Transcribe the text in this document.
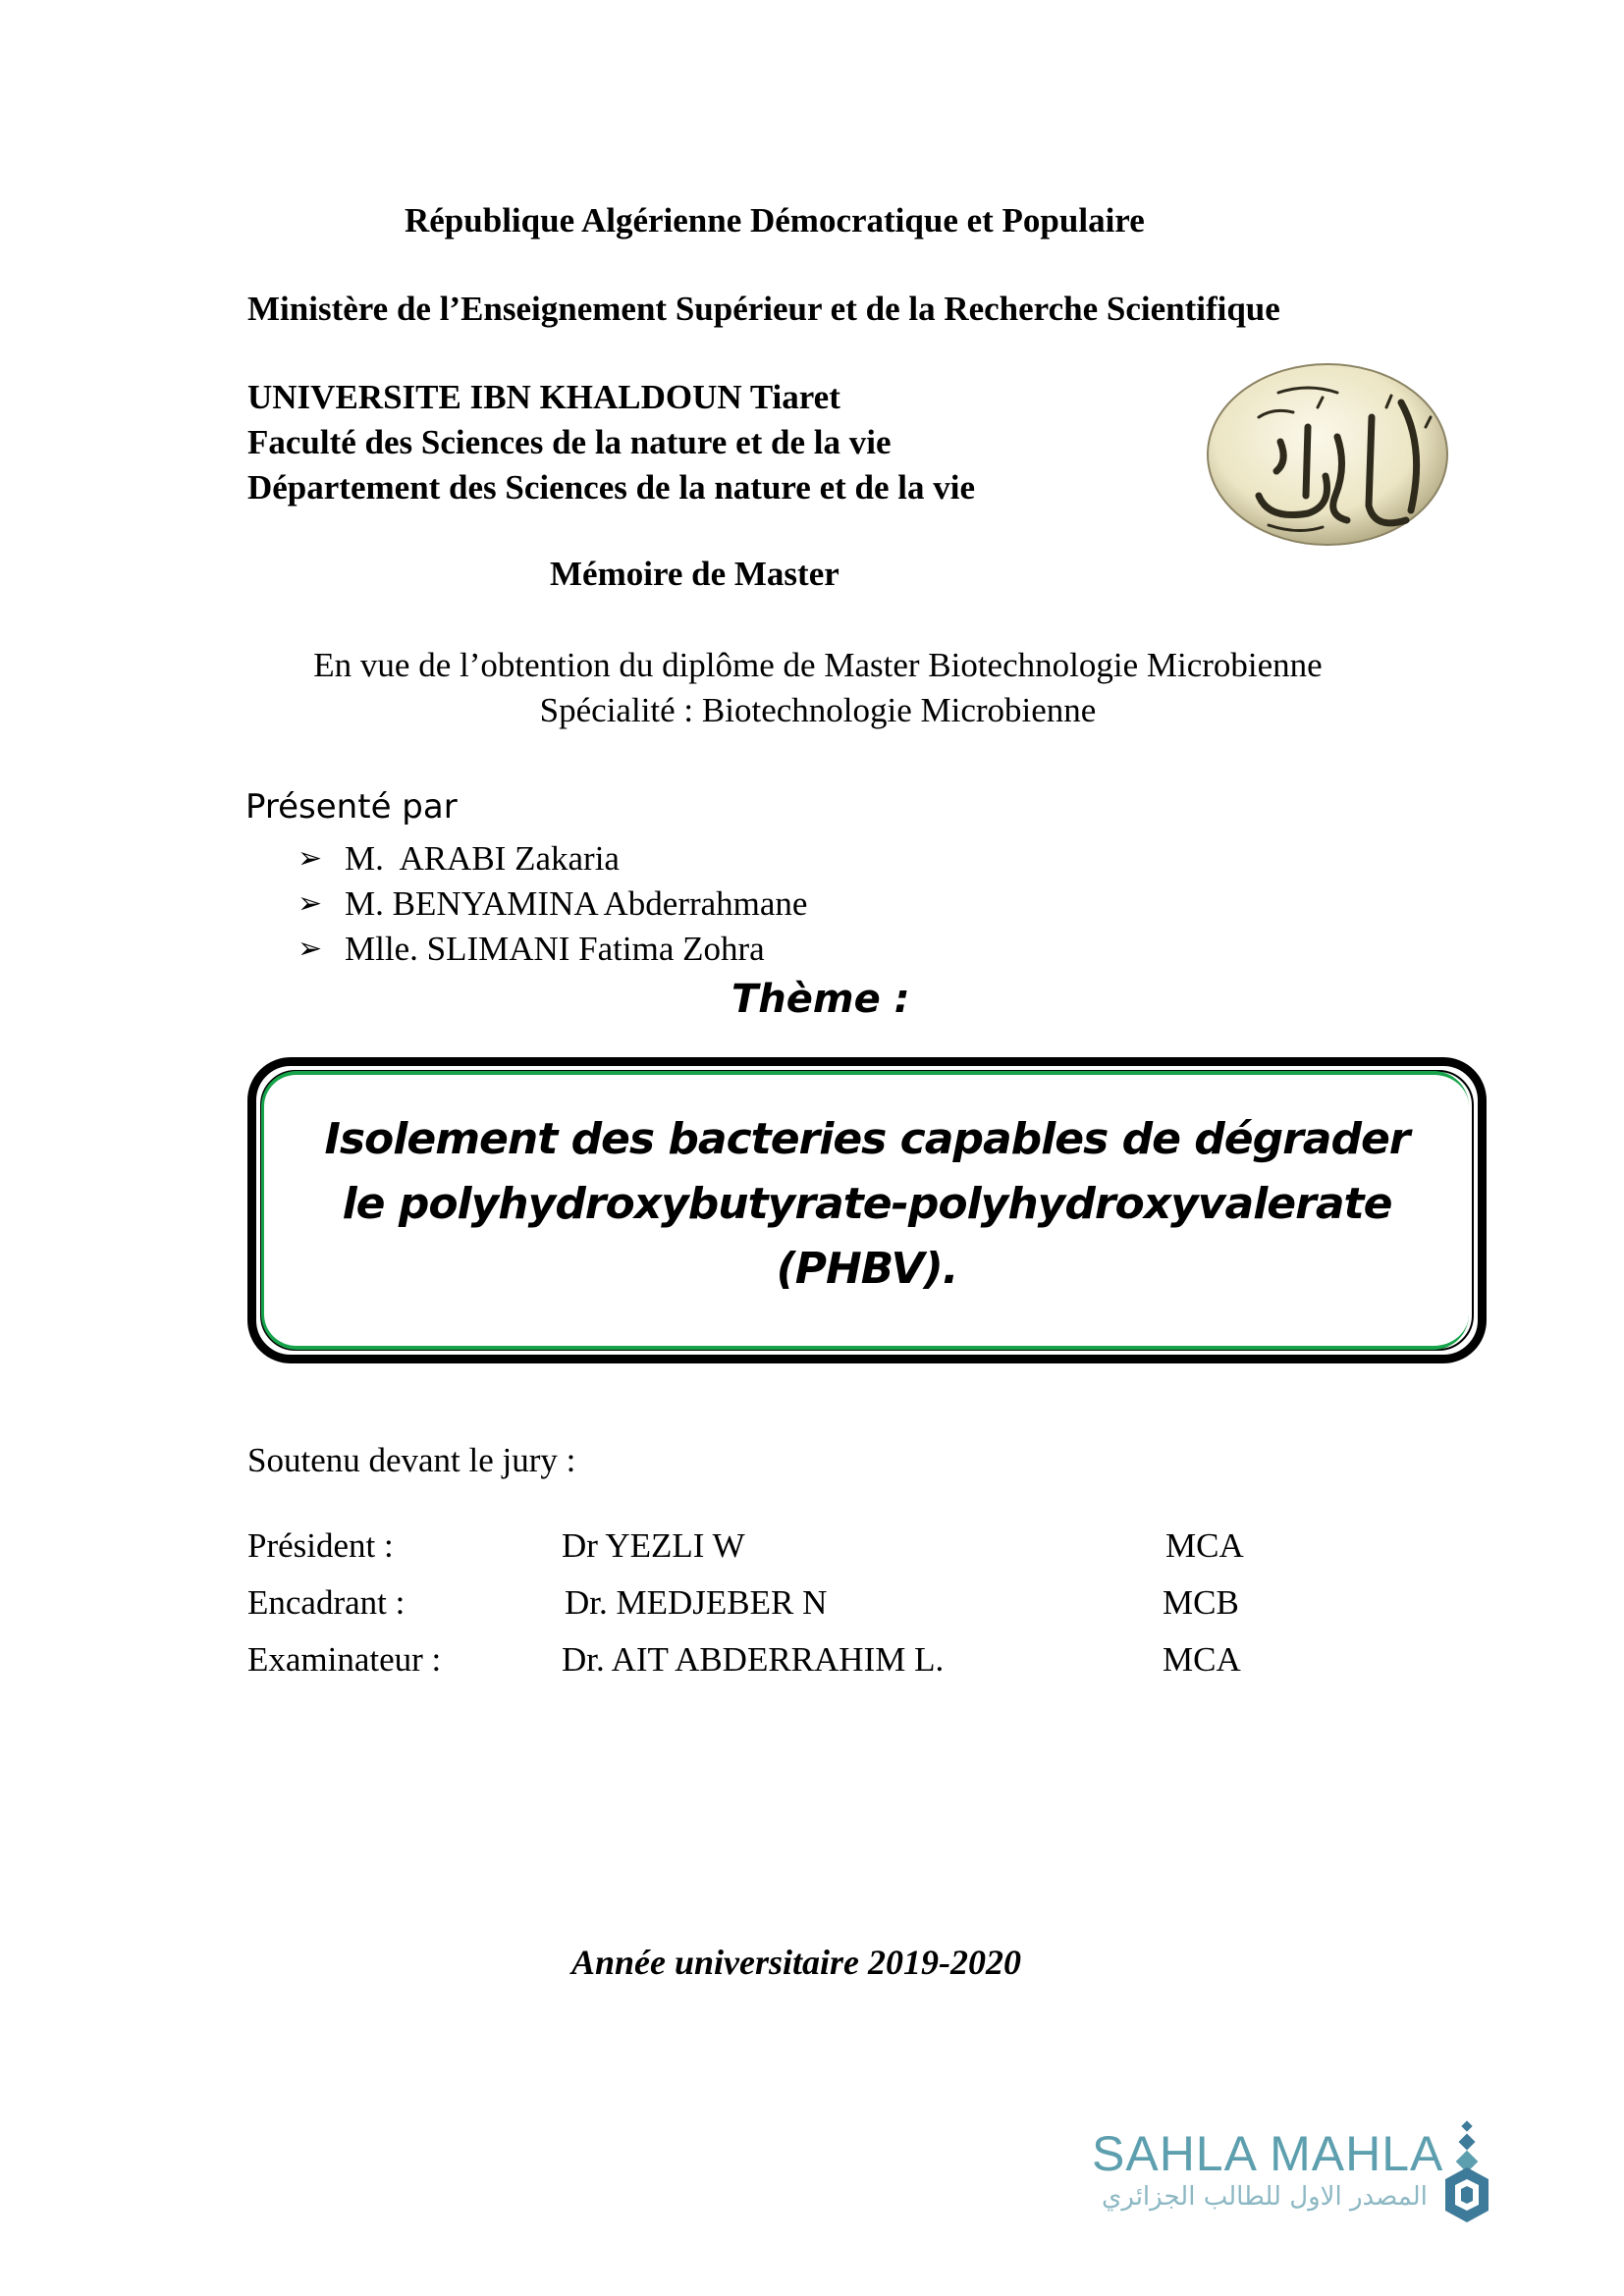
République Algérienne Démocratique et Populaire
Ministère de l’Enseignement Supérieur et de la Recherche Scientifique
UNIVERSITE IBN KHALDOUN Tiaret
Faculté des Sciences de la nature et de la vie
Département des Sciences de la nature et de la vie
Mémoire de Master
En vue de l’obtention du diplôme de Master Biotechnologie Microbienne
Spécialité : Biotechnologie Microbienne
Présenté par
➢ M.  ARABI Zakaria
➢ M. BENYAMINA Abderrahmane
➢ Mlle. SLIMANI Fatima Zohra
Thème :
Isolement des bacteries capables de dégrader
le polyhydroxybutyrate-polyhydroxyvalerate
(PHBV).
Soutenu devant le jury :
Président :	Dr YEZLI W	MCA
Encadrant :	Dr. MEDJEBER N	MCB
Examinateur :	Dr. AIT ABDERRAHIM L.	MCA
Année universitaire 2019-2020
SAHLA MAHLA
المصدر الاول للطالب الجزائري
